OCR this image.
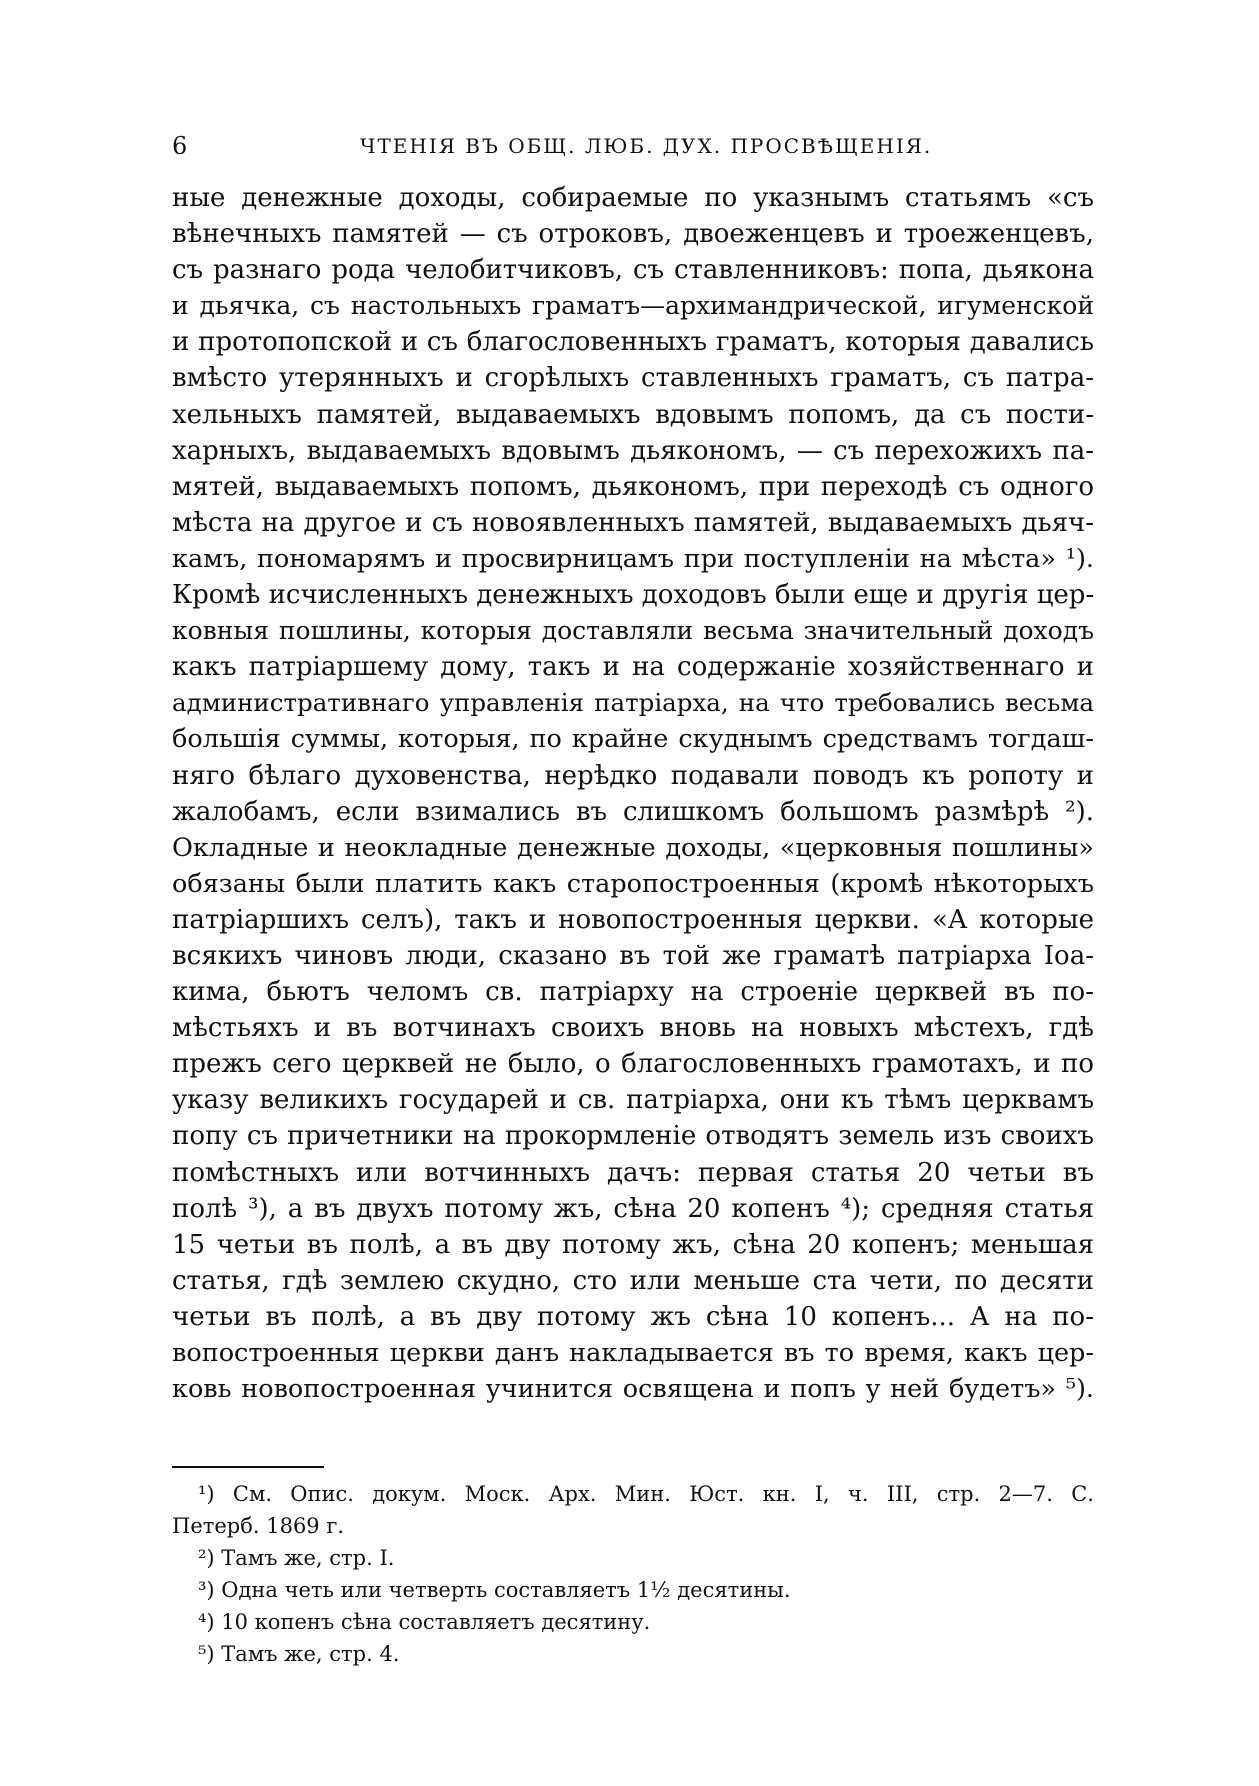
6	ЧТЕНІЯ ВЪ ОБЩ. ЛЮБ. ДУХ. ПРОСВѢЩЕНІЯ.
ные денежные доходы, собираемые по указнымъ статьямъ «съ
вѣнечныхъ памятей — съ отроковъ, двоеженцевъ и троеженцевъ,
съ разнаго рода челобитчиковъ, съ ставленниковъ: попа, дьякона
и дьячка, съ настольныхъ граматъ—архимандрической, игуменской
и протопопской и съ благословенныхъ граматъ, которыя давались
вмѣсто утерянныхъ и сгорѣлыхъ ставленныхъ граматъ, съ патра-
хельныхъ памятей, выдаваемыхъ вдовымъ попомъ, да съ пости-
харныхъ, выдаваемыхъ вдовымъ дьякономъ, — съ перехожихъ па-
мятей, выдаваемыхъ попомъ, дьякономъ, при переходѣ съ одного
мѣста на другое и съ новоявленныхъ памятей, выдаваемыхъ дьяч-
камъ, пономарямъ и просвирницамъ при поступленіи на мѣста» ¹).
Кромѣ исчисленныхъ денежныхъ доходовъ были еще и другія цер-
ковныя пошлины, которыя доставляли весьма значительный доходъ
какъ патріаршему дому, такъ и на содержаніе хозяйственнаго и
административнаго управленія патріарха, на что требовались весьма
большія суммы, которыя, по крайне скуднымъ средствамъ тогдаш-
няго бѣлаго духовенства, нерѣдко подавали поводъ къ ропоту и
жалобамъ, если взимались въ слишкомъ большомъ размѣрѣ ²).
Окладные и неокладные денежные доходы, «церковныя пошлины»
обязаны были платить какъ старопостроенныя (кромѣ нѣкоторыхъ
патріаршихъ селъ), такъ и новопостроенныя церкви. «А которые
всякихъ чиновъ люди, сказано въ той же граматѣ патріарха Іоа-
кима, бьютъ челомъ св. патріарху на строеніе церквей въ по-
мѣстьяхъ и въ вотчинахъ своихъ вновь на новыхъ мѣстехъ, гдѣ
прежъ сего церквей не было, о благословенныхъ грамотахъ, и по
указу великихъ государей и св. патріарха, они къ тѣмъ церквамъ
попу съ причетники на прокормленіе отводятъ земель изъ своихъ
помѣстныхъ или вотчинныхъ дачъ: первая статья 20 четьи въ
полѣ ³), а въ двухъ потому жъ, сѣна 20 копенъ ⁴); средняя статья
15 четьи въ полѣ, а въ дву потому жъ, сѣна 20 копенъ; меньшая
статья, гдѣ землею скудно, сто или меньше ста чети, по десяти
четьи въ полѣ, а въ дву потому жъ сѣна 10 копенъ... А на по-
вопостроенныя церкви данъ накладывается въ то время, какъ цер-
ковь новопостроенная учинится освящена и попъ у ней будетъ» ⁵).
¹) См. Опис. докум. Моск. Арх. Мин. Юст. кн. I, ч. III, стр. 2—7. С.
Петерб. 1869 г.
²) Тамъ же, стр. I.
³) Одна четь или четверть составляетъ 1½ десятины.
⁴) 10 копенъ сѣна составляетъ десятину.
⁵) Тамъ же, стр. 4.
